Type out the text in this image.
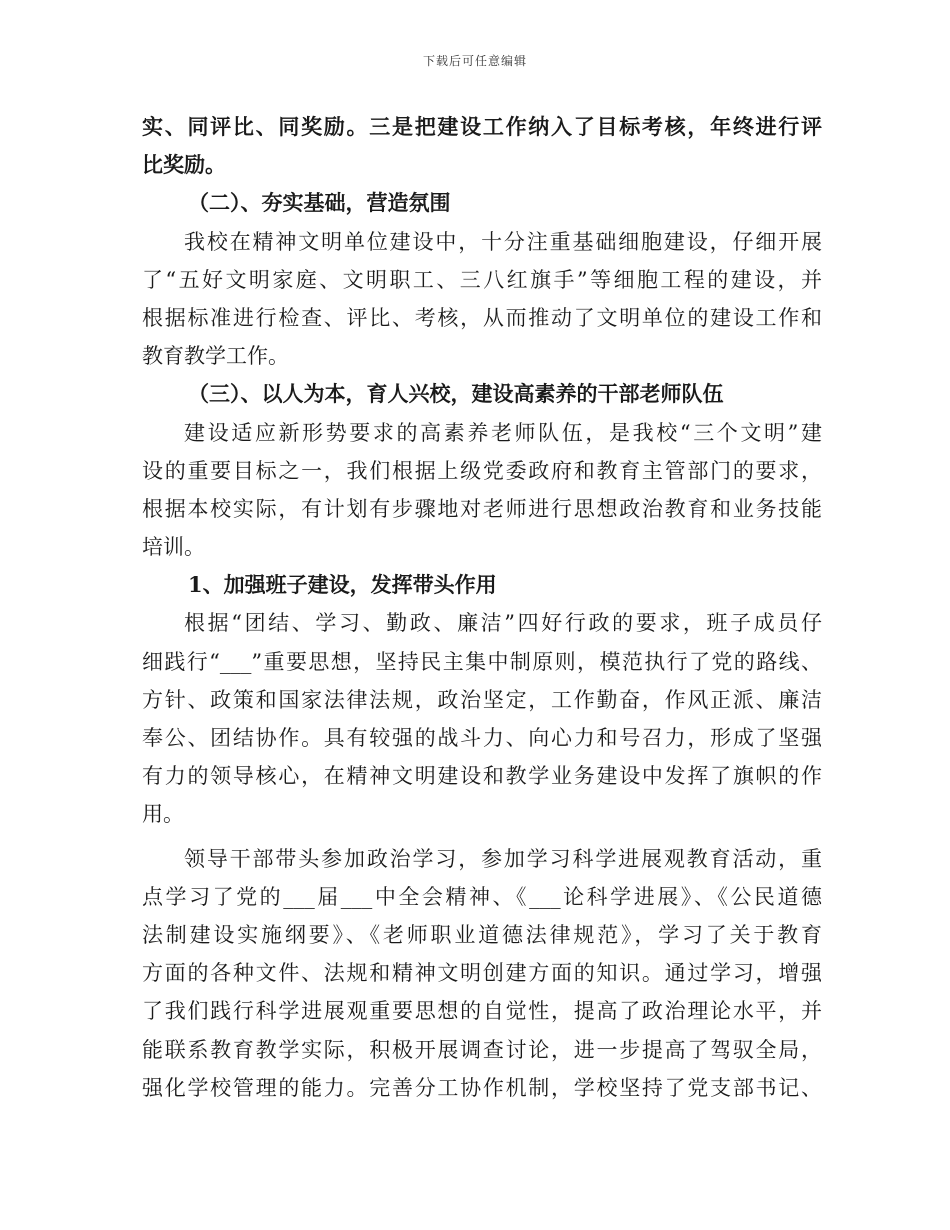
下载后可任意编辑
实、同评比、同奖励。三是把建设工作纳入了目标考核，年终进行评
比奖励。
（二）、夯实基础，营造氛围
我校在精神文明单位建设中，十分注重基础细胞建设，仔细开展
了“五好文明家庭、文明职工、三八红旗手”等细胞工程的建设，并
根据标准进行检查、评比、考核，从而推动了文明单位的建设工作和
教育教学工作。
（三）、以人为本，育人兴校，建设高素养的干部老师队伍
建设适应新形势要求的高素养老师队伍，是我校“三个文明”建
设的重要目标之一，我们根据上级党委政府和教育主管部门的要求，
根据本校实际，有计划有步骤地对老师进行思想政治教育和业务技能
培训。
1、加强班子建设，发挥带头作用
根据“团结、学习、勤政、廉洁”四好行政的要求，班子成员仔
细践行“___”重要思想，坚持民主集中制原则，模范执行了党的路线、
方针、政策和国家法律法规，政治坚定，工作勤奋，作风正派、廉洁
奉公、团结协作。具有较强的战斗力、向心力和号召力，形成了坚强
有力的领导核心，在精神文明建设和教学业务建设中发挥了旗帜的作
用。
领导干部带头参加政治学习，参加学习科学进展观教育活动，重
点学习了党的___届___中全会精神、《___论科学进展》、《公民道德
法制建设实施纲要》、《老师职业道德法律规范》，学习了关于教育
方面的各种文件、法规和精神文明创建方面的知识。通过学习，增强
了我们践行科学进展观重要思想的自觉性，提高了政治理论水平，并
能联系教育教学实际，积极开展调查讨论，进一步提高了驾驭全局，
强化学校管理的能力。完善分工协作机制，学校坚持了党支部书记、
